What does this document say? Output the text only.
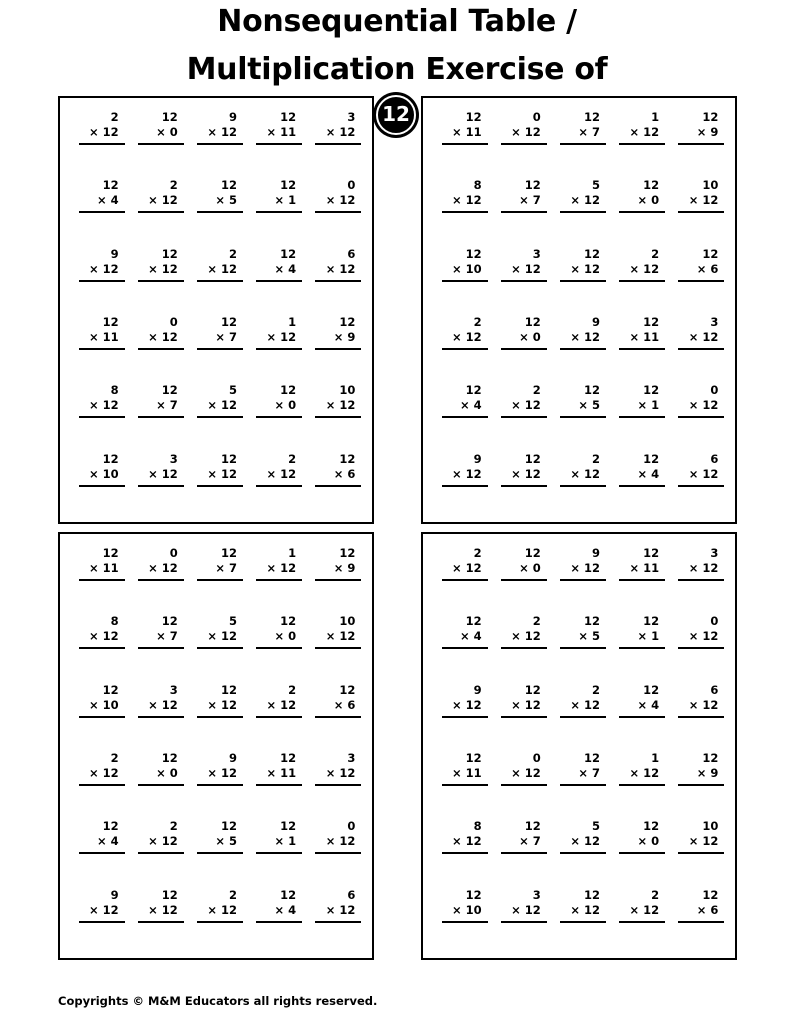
Nonsequential Table /
Multiplication Exercise of
12
2
× 12
12
× 0
9
× 12
12
× 11
3
× 12
12
× 4
2
× 12
12
× 5
12
× 1
0
× 12
9
× 12
12
× 12
2
× 12
12
× 4
6
× 12
12
× 11
0
× 12
12
× 7
1
× 12
12
× 9
8
× 12
12
× 7
5
× 12
12
× 0
10
× 12
12
× 10
3
× 12
12
× 12
2
× 12
12
× 6
12
× 11
0
× 12
12
× 7
1
× 12
12
× 9
8
× 12
12
× 7
5
× 12
12
× 0
10
× 12
12
× 10
3
× 12
12
× 12
2
× 12
12
× 6
2
× 12
12
× 0
9
× 12
12
× 11
3
× 12
12
× 4
2
× 12
12
× 5
12
× 1
0
× 12
9
× 12
12
× 12
2
× 12
12
× 4
6
× 12
12
× 11
0
× 12
12
× 7
1
× 12
12
× 9
8
× 12
12
× 7
5
× 12
12
× 0
10
× 12
12
× 10
3
× 12
12
× 12
2
× 12
12
× 6
2
× 12
12
× 0
9
× 12
12
× 11
3
× 12
12
× 4
2
× 12
12
× 5
12
× 1
0
× 12
9
× 12
12
× 12
2
× 12
12
× 4
6
× 12
2
× 12
12
× 0
9
× 12
12
× 11
3
× 12
12
× 4
2
× 12
12
× 5
12
× 1
0
× 12
9
× 12
12
× 12
2
× 12
12
× 4
6
× 12
12
× 11
0
× 12
12
× 7
1
× 12
12
× 9
8
× 12
12
× 7
5
× 12
12
× 0
10
× 12
12
× 10
3
× 12
12
× 12
2
× 12
12
× 6
Copyrights © M&M Educators all rights reserved.
